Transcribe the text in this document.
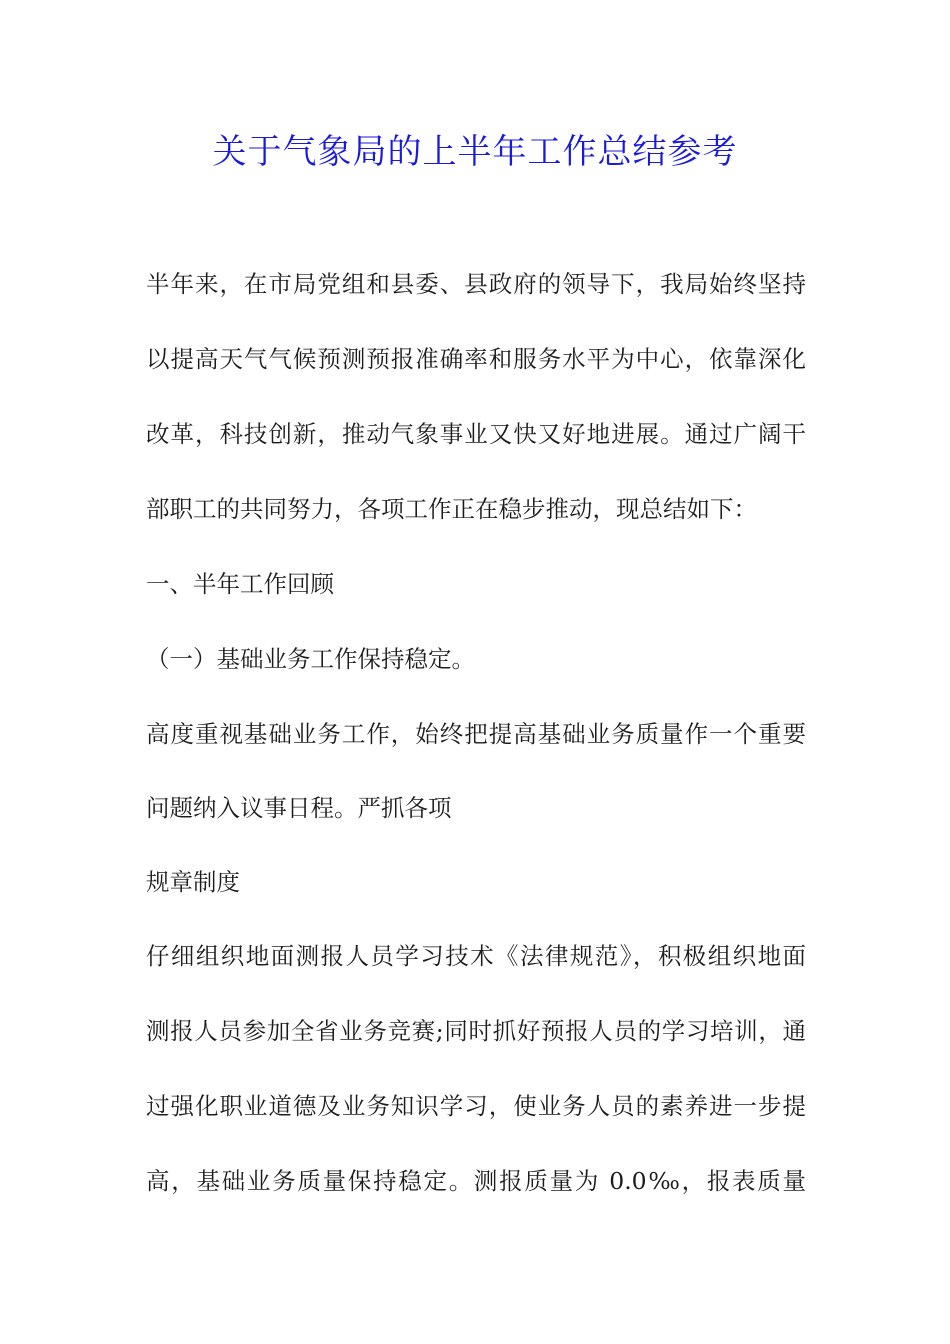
关于气象局的上半年工作总结参考

半年来，在市局党组和县委、县政府的领导下，我局始终坚持

以提高天气气候预测预报准确率和服务水平为中心，依靠深化

改革，科技创新，推动气象事业又快又好地进展。通过广阔干

部职工的共同努力，各项工作正在稳步推动，现总结如下：

一、半年工作回顾

（一）基础业务工作保持稳定。

高度重视基础业务工作，始终把提高基础业务质量作一个重要

问题纳入议事日程。严抓各项

规章制度

仔细组织地面测报人员学习技术《法律规范》，积极组织地面

测报人员参加全省业务竞赛;同时抓好预报人员的学习培训，通

过强化职业道德及业务知识学习，使业务人员的素养进一步提

高，基础业务质量保持稳定。测报质量为 0.0‰，报表质量
